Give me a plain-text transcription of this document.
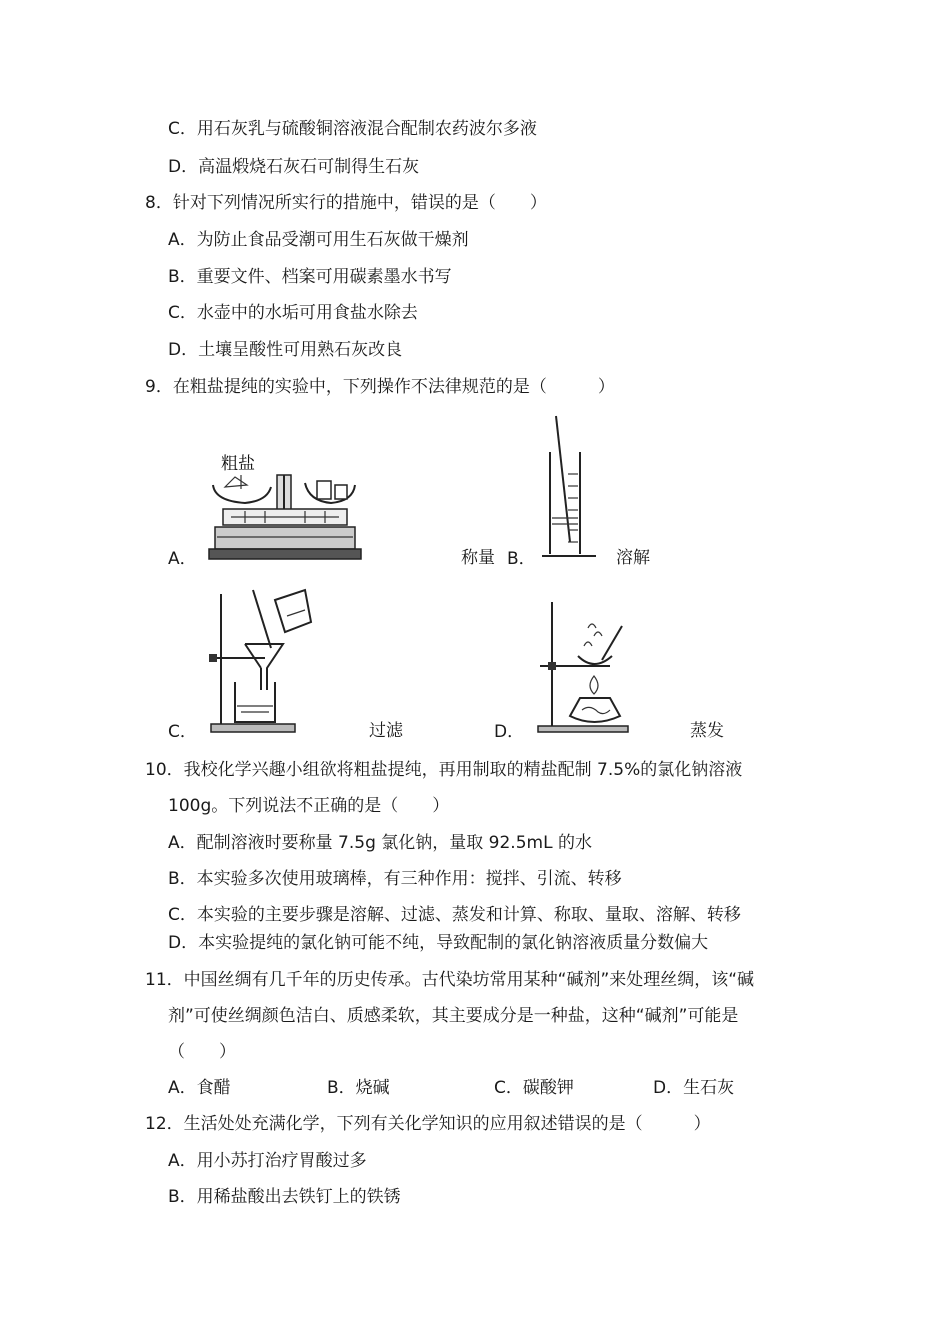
C．用石灰乳与硫酸铜溶液混合配制农药波尔多液
D．高温煅烧石灰石可制得生石灰
8．针对下列情况所实行的措施中，错误的是（　　）
A．为防止食品受潮可用生石灰做干燥剂
B．重要文件、档案可用碳素墨水书写
C．水壶中的水垢可用食盐水除去
D．土壤呈酸性可用熟石灰改良
9．在粗盐提纯的实验中，下列操作不法律规范的是（　　　）
粗盐
A．	称量 B．	溶解
C．	过滤	D．	蒸发
10．我校化学兴趣小组欲将粗盐提纯，再用制取的精盐配制 7.5%的氯化钠溶液
100g。下列说法不正确的是（　　）
A．配制溶液时要称量 7.5g 氯化钠，量取 92.5mL 的水
B．本实验多次使用玻璃棒，有三种作用：搅拌、引流、转移
C．本实验的主要步骤是溶解、过滤、蒸发和计算、称取、量取、溶解、转移
D．本实验提纯的氯化钠可能不纯，导致配制的氯化钠溶液质量分数偏大
11．中国丝绸有几千年的历史传承。古代染坊常用某种“碱剂”来处理丝绸，该“碱
剂”可使丝绸颜色洁白、质感柔软，其主要成分是一种盐，这种“碱剂”可能是
（　　）
A．食醋	B．烧碱	C．碳酸钾	D．生石灰
12．生活处处充满化学，下列有关化学知识的应用叙述错误的是（　　　）
A．用小苏打治疗胃酸过多
B．用稀盐酸出去铁钉上的铁锈
